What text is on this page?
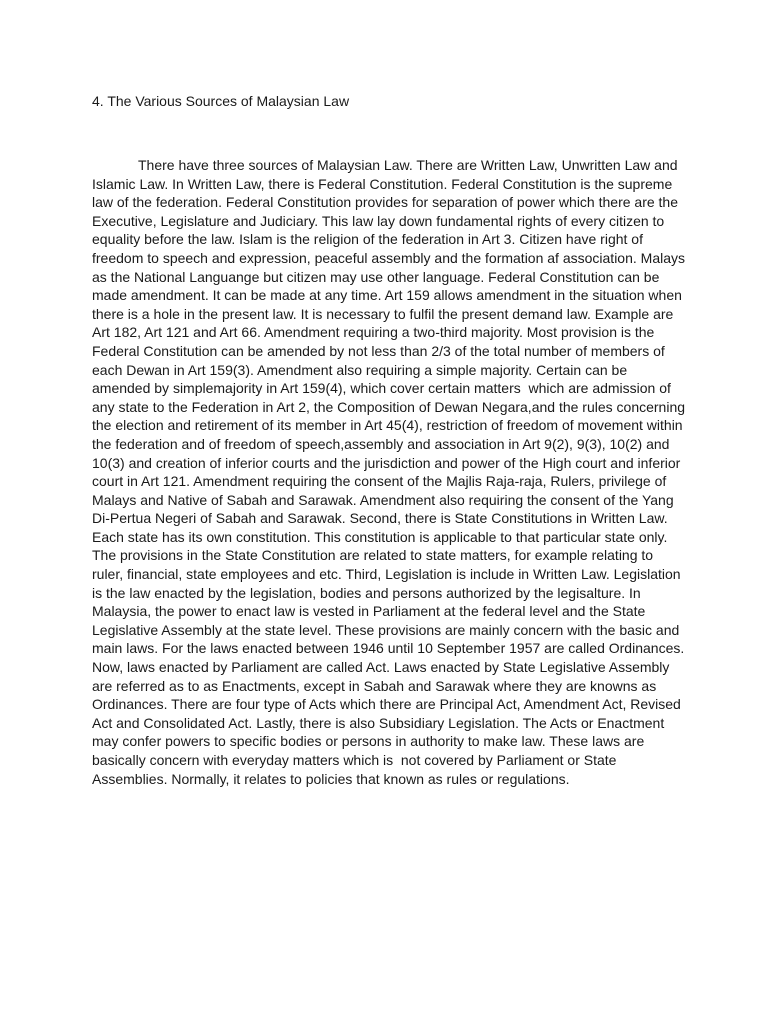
4. The Various Sources of Malaysian Law
There have three sources of Malaysian Law. There are Written Law, Unwritten Law and
Islamic Law. In Written Law, there is Federal Constitution. Federal Constitution is the supreme
law of the federation. Federal Constitution provides for separation of power which there are the
Executive, Legislature and Judiciary. This law lay down fundamental rights of every citizen to
equality before the law. Islam is the religion of the federation in Art 3. Citizen have right of
freedom to speech and expression, peaceful assembly and the formation af association. Malays
as the National Languange but citizen may use other language. Federal Constitution can be
made amendment. It can be made at any time. Art 159 allows amendment in the situation when
there is a hole in the present law. It is necessary to fulfil the present demand law. Example are
Art 182, Art 121 and Art 66. Amendment requiring a two-third majority. Most provision is the
Federal Constitution can be amended by not less than 2/3 of the total number of members of
each Dewan in Art 159(3). Amendment also requiring a simple majority. Certain can be
amended by simplemajority in Art 159(4), which cover certain matters  which are admission of
any state to the Federation in Art 2, the Composition of Dewan Negara,and the rules concerning
the election and retirement of its member in Art 45(4), restriction of freedom of movement within
the federation and of freedom of speech,assembly and association in Art 9(2), 9(3), 10(2) and
10(3) and creation of inferior courts and the jurisdiction and power of the High court and inferior
court in Art 121. Amendment requiring the consent of the Majlis Raja-raja, Rulers, privilege of
Malays and Native of Sabah and Sarawak. Amendment also requiring the consent of the Yang
Di-Pertua Negeri of Sabah and Sarawak. Second, there is State Constitutions in Written Law.
Each state has its own constitution. This constitution is applicable to that particular state only.
The provisions in the State Constitution are related to state matters, for example relating to
ruler, financial, state employees and etc. Third, Legislation is include in Written Law. Legislation
is the law enacted by the legislation, bodies and persons authorized by the legisalture. In
Malaysia, the power to enact law is vested in Parliament at the federal level and the State
Legislative Assembly at the state level. These provisions are mainly concern with the basic and
main laws. For the laws enacted between 1946 until 10 September 1957 are called Ordinances.
Now, laws enacted by Parliament are called Act. Laws enacted by State Legislative Assembly
are referred as to as Enactments, except in Sabah and Sarawak where they are knowns as
Ordinances. There are four type of Acts which there are Principal Act, Amendment Act, Revised
Act and Consolidated Act. Lastly, there is also Subsidiary Legislation. The Acts or Enactment
may confer powers to specific bodies or persons in authority to make law. These laws are
basically concern with everyday matters which is  not covered by Parliament or State
Assemblies. Normally, it relates to policies that known as rules or regulations.
